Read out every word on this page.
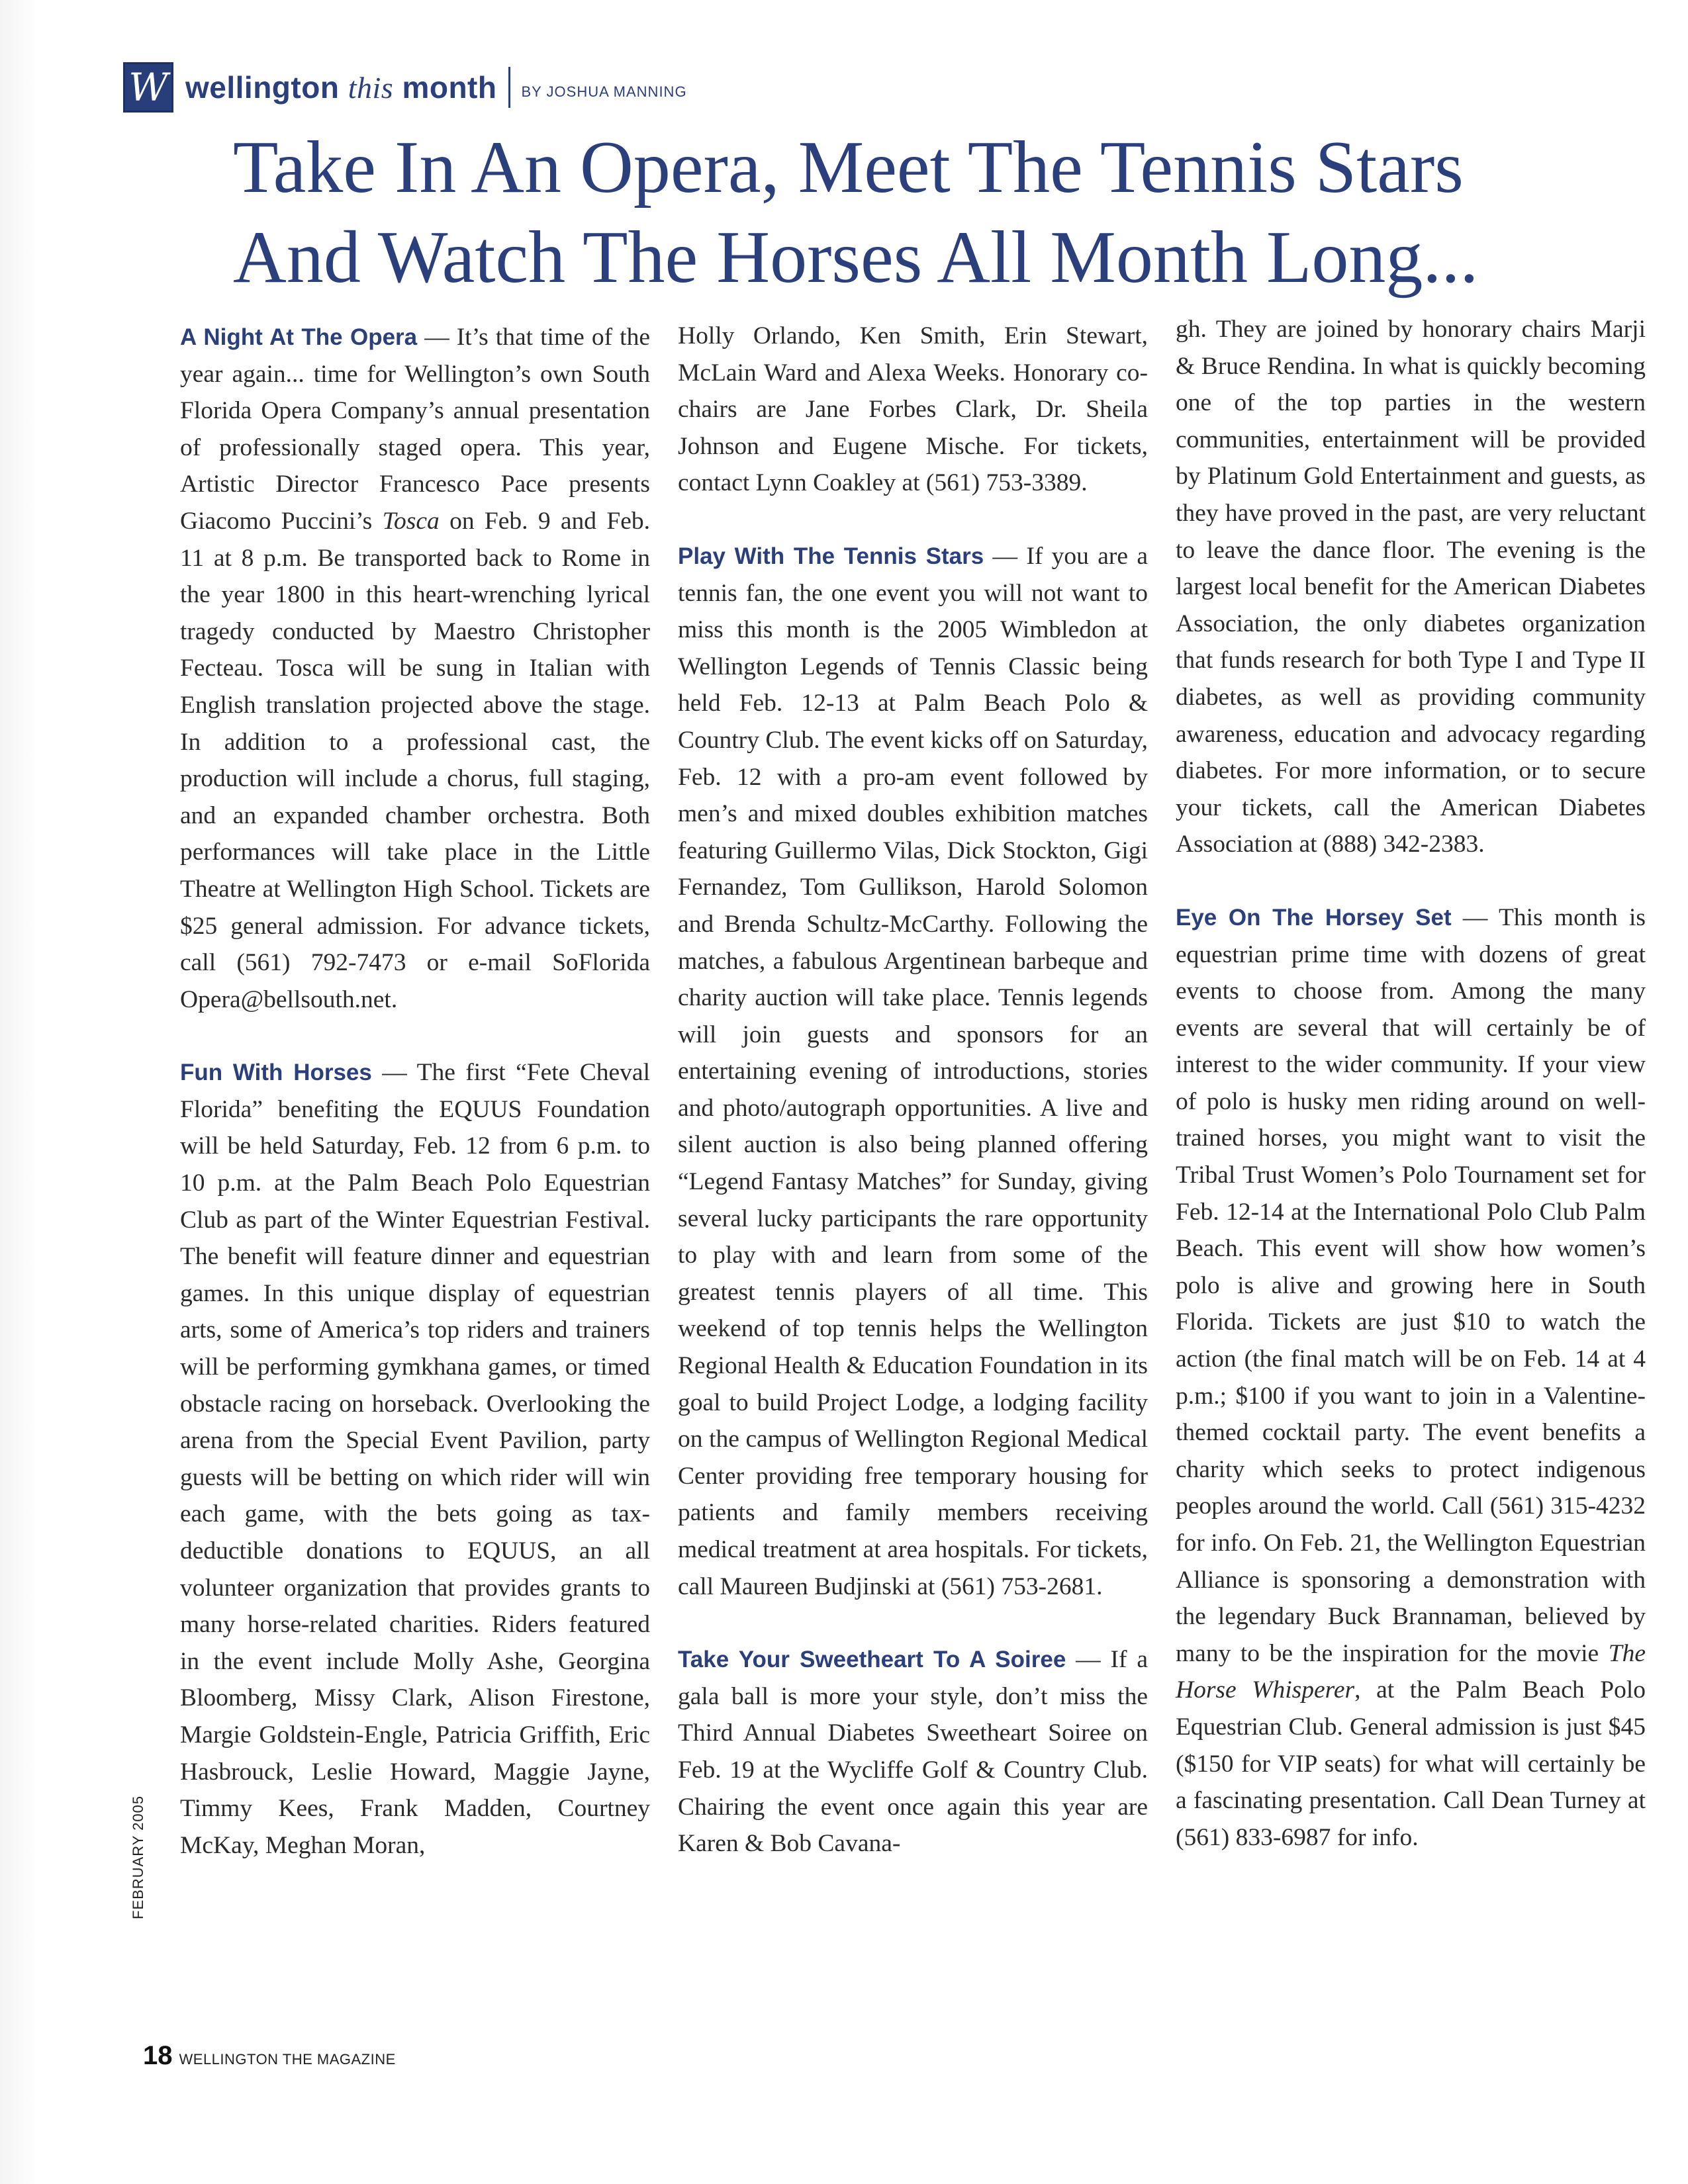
W wellington this month BY JOSHUA MANNING
Take In An Opera, Meet The Tennis Stars
And Watch The Horses All Month Long...

A Night At The Opera — It’s that time of the year again... time for Wellington’s own South Florida Opera Company’s annual presentation of professionally staged opera. This year, Artistic Director Francesco Pace presents Giacomo Puccini’s Tosca on Feb. 9 and Feb. 11 at 8 p.m. Be transported back to Rome in the year 1800 in this heart-wrenching lyrical tragedy conducted by Maestro Christopher Fecteau. Tosca will be sung in Italian with English translation projected above the stage. In addition to a professional cast, the production will include a chorus, full staging, and an expanded chamber orchestra. Both performances will take place in the Little Theatre at Wellington High School. Tickets are $25 general admission. For advance tickets, call (561) 792-7473 or e-mail SoFlorida Opera@bellsouth.net.

Fun With Horses — The first “Fete Cheval Florida” benefiting the EQUUS Foundation will be held Saturday, Feb. 12 from 6 p.m. to 10 p.m. at the Palm Beach Polo Equestrian Club as part of the Winter Equestrian Festival. The benefit will feature dinner and equestrian games. In this unique display of equestrian arts, some of America’s top riders and trainers will be performing gymkhana games, or timed obstacle racing on horseback. Overlooking the arena from the Special Event Pavilion, party guests will be betting on which rider will win each game, with the bets going as tax-deductible donations to EQUUS, an all volunteer organization that provides grants to many horse-related charities. Riders featured in the event include Molly Ashe, Georgina Bloomberg, Missy Clark, Alison Firestone, Margie Goldstein-Engle, Patricia Griffith, Eric Hasbrouck, Leslie Howard, Maggie Jayne, Timmy Kees, Frank Madden, Courtney McKay, Meghan Moran,

Holly Orlando, Ken Smith, Erin Stewart, McLain Ward and Alexa Weeks. Honorary co-chairs are Jane Forbes Clark, Dr. Sheila Johnson and Eugene Mische. For tickets, contact Lynn Coakley at (561) 753-3389.

Play With The Tennis Stars — If you are a tennis fan, the one event you will not want to miss this month is the 2005 Wimbledon at Wellington Legends of Tennis Classic being held Feb. 12-13 at Palm Beach Polo & Country Club. The event kicks off on Saturday, Feb. 12 with a pro-am event followed by men’s and mixed doubles exhibition matches featuring Guillermo Vilas, Dick Stockton, Gigi Fernandez, Tom Gullikson, Harold Solomon and Brenda Schultz-McCarthy. Following the matches, a fabulous Argentinean barbeque and charity auction will take place. Tennis legends will join guests and sponsors for an entertaining evening of introductions, stories and photo/autograph opportunities. A live and silent auction is also being planned offering “Legend Fantasy Matches” for Sunday, giving several lucky participants the rare opportunity to play with and learn from some of the greatest tennis players of all time. This weekend of top tennis helps the Wellington Regional Health & Education Foundation in its goal to build Project Lodge, a lodging facility on the campus of Wellington Regional Medical Center providing free temporary housing for patients and family members receiving medical treatment at area hospitals. For tickets, call Maureen Budjinski at (561) 753-2681.

Take Your Sweetheart To A Soiree — If a gala ball is more your style, don’t miss the Third Annual Diabetes Sweetheart Soiree on Feb. 19 at the Wycliffe Golf & Country Club. Chairing the event once again this year are Karen & Bob Cavana-

gh. They are joined by honorary chairs Marji & Bruce Rendina. In what is quickly becoming one of the top parties in the western communities, entertainment will be provided by Platinum Gold Entertainment and guests, as they have proved in the past, are very reluctant to leave the dance floor. The evening is the largest local benefit for the American Diabetes Association, the only diabetes organization that funds research for both Type I and Type II diabetes, as well as providing community awareness, education and advocacy regarding diabetes. For more information, or to secure your tickets, call the American Diabetes Association at (888) 342-2383.

Eye On The Horsey Set — This month is equestrian prime time with dozens of great events to choose from. Among the many events are several that will certainly be of interest to the wider community. If your view of polo is husky men riding around on well-trained horses, you might want to visit the Tribal Trust Women’s Polo Tournament set for Feb. 12-14 at the International Polo Club Palm Beach. This event will show how women’s polo is alive and growing here in South Florida. Tickets are just $10 to watch the action (the final match will be on Feb. 14 at 4 p.m.; $100 if you want to join in a Valentine-themed cocktail party. The event benefits a charity which seeks to protect indigenous peoples around the world. Call (561) 315-4232 for info. On Feb. 21, the Wellington Equestrian Alliance is sponsoring a demonstration with the legendary Buck Brannaman, believed by many to be the inspiration for the movie The Horse Whisperer, at the Palm Beach Polo Equestrian Club. General admission is just $45 ($150 for VIP seats) for what will certainly be a fascinating presentation. Call Dean Turney at (561) 833-6987 for info.

FEBRUARY 2005
18 WELLINGTON THE MAGAZINE
